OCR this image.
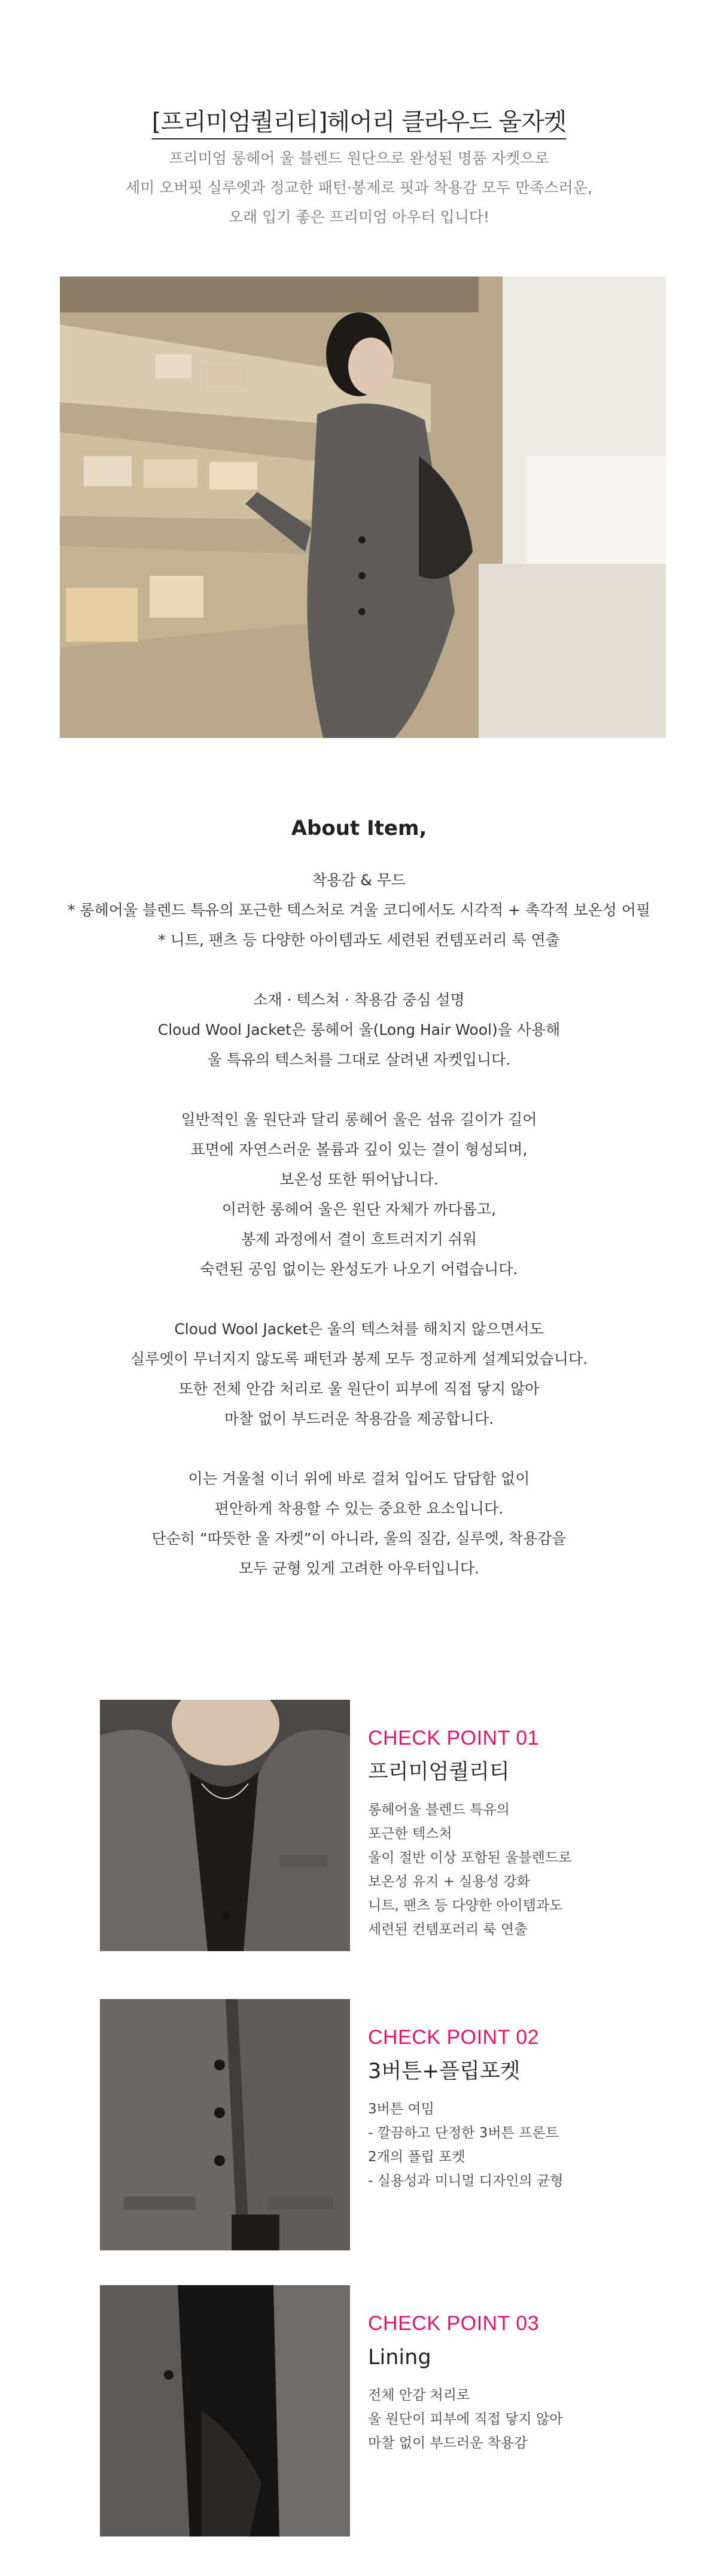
[프리미엄퀄리티]헤어리 클라우드 울자켓
프리미엄 롱헤어 울 블렌드 원단으로 완성된 명품 자켓으로
세미 오버핏 실루엣과 정교한 패턴·봉제로 핏과 착용감 모두 만족스러운,
오래 입기 좋은 프리미엄 아우터 입니다!
About Item,
착용감 & 무드
* 롱헤어울 블렌드 특유의 포근한 텍스처로 겨울 코디에서도 시각적 + 촉각적 보온성 어필
* 니트, 팬츠 등 다양한 아이템과도 세련된 컨템포러리 룩 연출
소재 · 텍스쳐 · 착용감 중심 설명
Cloud Wool Jacket은 롱헤어 울(Long Hair Wool)을 사용해
울 특유의 텍스처를 그대로 살려낸 자켓입니다.
일반적인 울 원단과 달리 롱헤어 울은 섬유 길이가 길어
표면에 자연스러운 볼륨과 깊이 있는 결이 형성되며,
보온성 또한 뛰어납니다.
이러한 롱헤어 울은 원단 자체가 까다롭고,
봉제 과정에서 결이 흐트러지기 쉬워
숙련된 공임 없이는 완성도가 나오기 어렵습니다.
Cloud Wool Jacket은 울의 텍스쳐를 해치지 않으면서도
실루엣이 무너지지 않도록 패턴과 봉제 모두 정교하게 설계되었습니다.
또한 전체 안감 처리로 울 원단이 피부에 직접 닿지 않아
마찰 없이 부드러운 착용감을 제공합니다.
이는 겨울철 이너 위에 바로 걸쳐 입어도 답답함 없이
편안하게 착용할 수 있는 중요한 요소입니다.
단순히 “따뜻한 울 자켓”이 아니라, 울의 질감, 실루엣, 착용감을
모두 균형 있게 고려한 아우터입니다.
CHECK POINT 01
프리미엄퀄리티
롱헤어울 블렌드 특유의
포근한 텍스처
울이 절반 이상 포함된 울블렌드로
보온성 유지 + 실용성 강화
니트, 팬츠 등 다양한 아이템과도
세련된 컨템포러리 룩 연출
CHECK POINT 02
3버튼+플립포켓
3버튼 여밈
- 깔끔하고 단정한 3버튼 프론트
2개의 플립 포켓
- 실용성과 미니멀 디자인의 균형
CHECK POINT 03
Lining
전체 안감 처리로
울 원단이 피부에 직접 닿지 않아
마찰 없이 부드러운 착용감
